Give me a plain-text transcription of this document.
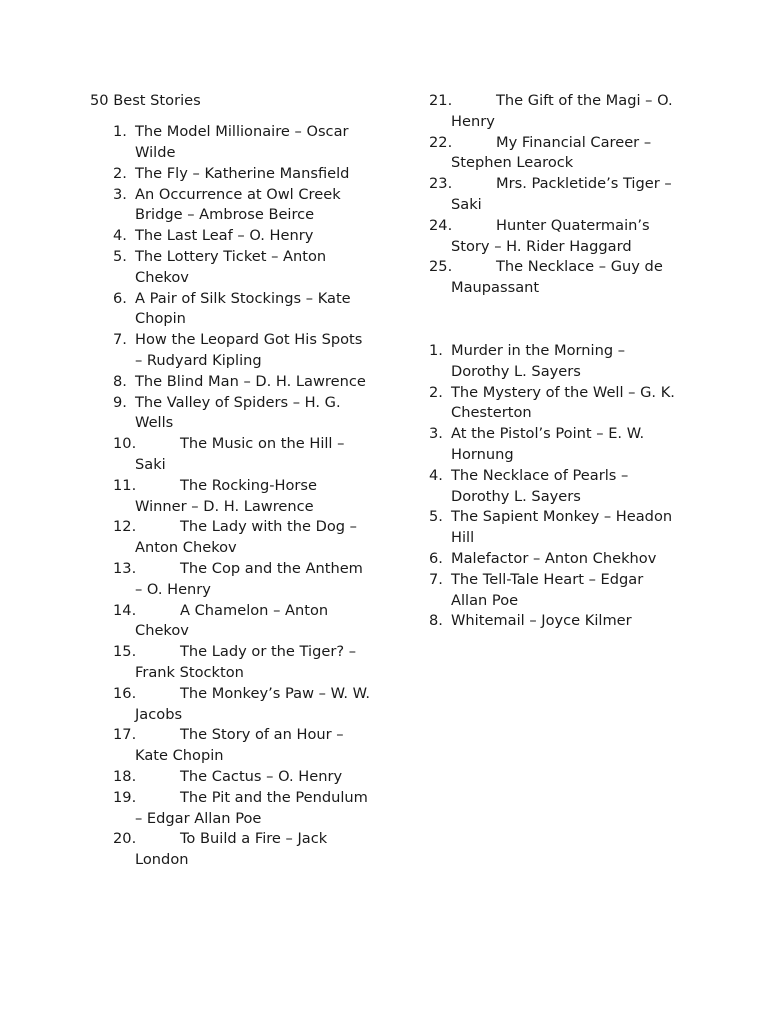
50 Best Stories

1. The Model Millionaire – Oscar Wilde
2. The Fly – Katherine Mansfield
3. An Occurrence at Owl Creek Bridge – Ambrose Beirce
4. The Last Leaf – O. Henry
5. The Lottery Ticket – Anton Chekov
6. A Pair of Silk Stockings – Kate Chopin
7. How the Leopard Got His Spots – Rudyard Kipling
8. The Blind Man – D. H. Lawrence
9. The Valley of Spiders – H. G. Wells
10.	The Music on the Hill – Saki
11.	The Rocking-Horse Winner – D. H. Lawrence
12.	The Lady with the Dog – Anton Chekov
13.	The Cop and the Anthem – O. Henry
14.	A Chamelon – Anton Chekov
15.	The Lady or the Tiger? – Frank Stockton
16.	The Monkey’s Paw – W. W. Jacobs
17.	The Story of an Hour – Kate Chopin
18.	The Cactus – O. Henry
19.	The Pit and the Pendulum – Edgar Allan Poe
20.	To Build a Fire – Jack London
21.	The Gift of the Magi – O. Henry
22.	My Financial Career – Stephen Learock
23.	Mrs. Packletide’s Tiger – Saki
24.	Hunter Quatermain’s Story – H. Rider Haggard
25.	The Necklace – Guy de Maupassant
1. Murder in the Morning – Dorothy L. Sayers
2. The Mystery of the Well – G. K. Chesterton
3. At the Pistol’s Point – E. W. Hornung
4. The Necklace of Pearls – Dorothy L. Sayers
5. The Sapient Monkey – Headon Hill
6. Malefactor – Anton Chekhov
7. The Tell-Tale Heart – Edgar Allan Poe
8. Whitemail – Joyce Kilmer
